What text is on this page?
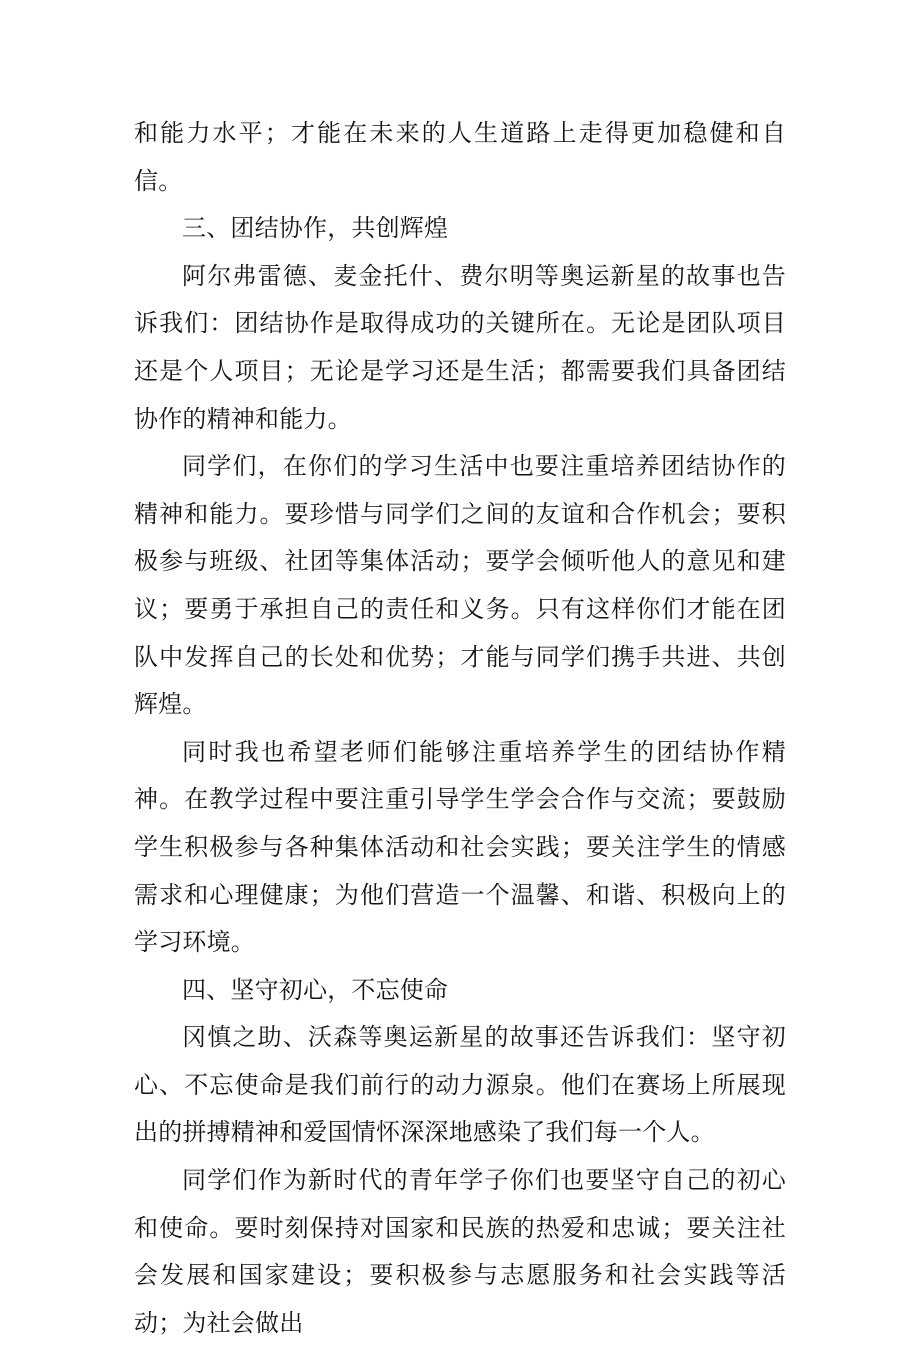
和能力水平；才能在未来的人生道路上走得更加稳健和自信。

三、团结协作，共创辉煌

阿尔弗雷德、麦金托什、费尔明等奥运新星的故事也告诉我们：团结协作是取得成功的关键所在。无论是团队项目还是个人项目；无论是学习还是生活；都需要我们具备团结协作的精神和能力。

同学们，在你们的学习生活中也要注重培养团结协作的精神和能力。要珍惜与同学们之间的友谊和合作机会；要积极参与班级、社团等集体活动；要学会倾听他人的意见和建议；要勇于承担自己的责任和义务。只有这样你们才能在团队中发挥自己的长处和优势；才能与同学们携手共进、共创辉煌。

同时我也希望老师们能够注重培养学生的团结协作精神。在教学过程中要注重引导学生学会合作与交流；要鼓励学生积极参与各种集体活动和社会实践；要关注学生的情感需求和心理健康；为他们营造一个温馨、和谐、积极向上的学习环境。

四、坚守初心，不忘使命

冈慎之助、沃森等奥运新星的故事还告诉我们：坚守初心、不忘使命是我们前行的动力源泉。他们在赛场上所展现出的拼搏精神和爱国情怀深深地感染了我们每一个人。

同学们作为新时代的青年学子你们也要坚守自己的初心和使命。要时刻保持对国家和民族的热爱和忠诚；要关注社会发展和国家建设；要积极参与志愿服务和社会实践等活动；为社会做出
